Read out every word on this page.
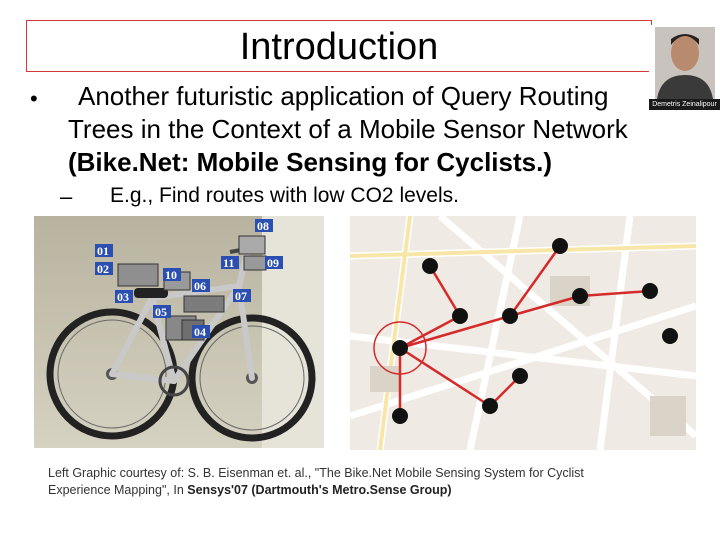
Introduction
Demetris Zeinalipour
• Another futuristic application of Query Routing
Trees in the Context of a Mobile Sensor Network
(Bike.Net: Mobile Sensing for Cyclists.)
– E.g., Find routes with low CO2 levels.
08
01
02
03
11	09
10
06
07
05
04
Left Graphic courtesy of: S. B. Eisenman et. al., "The Bike.Net Mobile Sensing System for Cyclist
Experience Mapping", In Sensys'07 (Dartmouth's Metro.Sense Group)
